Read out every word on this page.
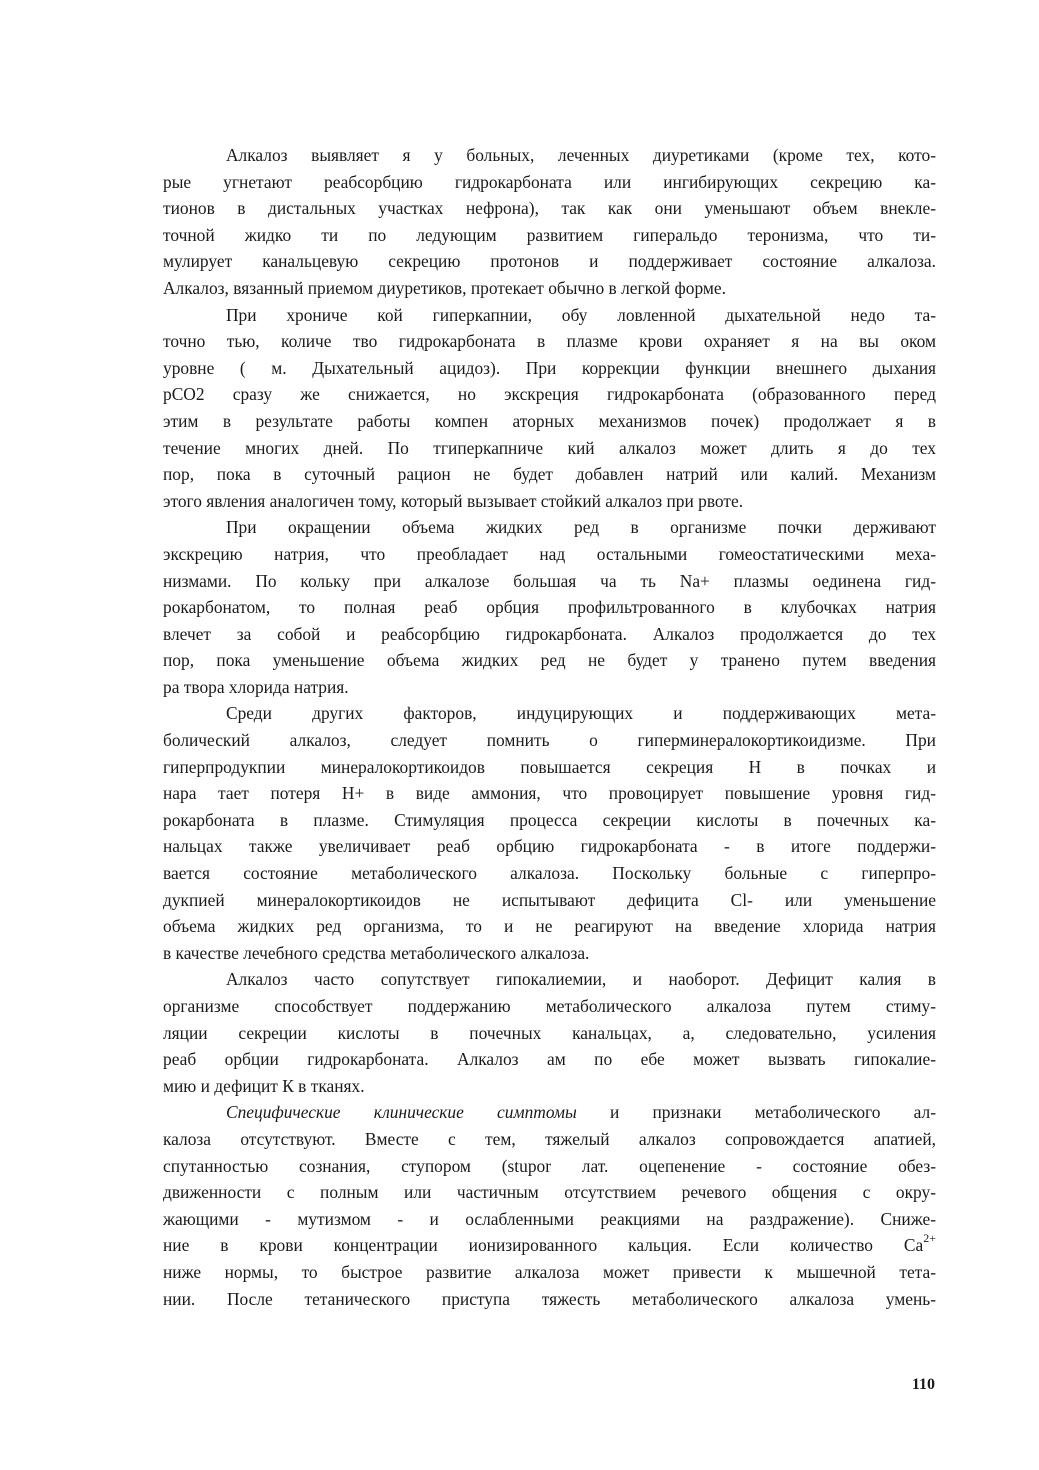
Алкалоз выявляет я у больных, леченных диуретиками (кроме тех, кото-
рые угнетают реабсорбцию гидрокарбоната или ингибирующих секрецию ка-
тионов в дистальных участках нефрона), так как они уменьшают объем внекле-
точной жидко ти по ледующим развитием гиперальдо теронизма, что ти-
мулирует канальцевую секрецию протонов и поддерживает состояние алкалоза.
Алкалоз, вязанный приемом диуретиков, протекает обычно в легкой форме.
При хрониче кой гиперкапнии, обу ловленной дыхательной недо та-
точно тью, количе тво гидрокарбоната в плазме крови охраняет я на вы оком
уровне ( м. Дыхательный ацидоз). При коррекции функции внешнего дыхания
pCO2 сразу же снижается, но экскреция гидрокарбоната (образованного перед
этим в результате работы компен аторных механизмов почек) продолжает я в
течение многих дней. По тгиперкапниче кий алкалоз может длить я до тех
пор, пока в суточный рацион не будет добавлен натрий или калий. Механизм
этого явления аналогичен тому, который вызывает стойкий алкалоз при рвоте.
При окращении объема жидких ред в организме почки держивают
экскрецию натрия, что преобладает над остальными гомеостатическими меха-
низмами. По кольку при алкалозе большая ча ть Na+ плазмы оединена гид-
рокарбонатом, то полная реаб орбция профильтрованного в клубочках натрия
влечет за собой и реабсорбцию гидрокарбоната. Алкалоз продолжается до тех
пор, пока уменьшение объема жидких ред не будет у транено путем введения
ра твора хлорида натрия.
Среди других факторов, индуцирующих и поддерживающих мета-
болический алкалоз, следует помнить о гиперминералокортикоидизме. При
гиперпродукпии минералокортикоидов повышается секреция Н в почках и
нара тает потеря Н+ в виде аммония, что провоцирует повышение уровня гид-
рокарбоната в плазме. Стимуляция процесса секреции кислоты в почечных ка-
нальцах также увеличивает реаб орбцию гидрокарбоната - в итоге поддержи-
вается состояние метаболического алкалоза. Поскольку больные с гиперпро-
дукпией минералокортикоидов не испытывают дефицита Cl- или уменьшение
объема жидких ред организма, то и не реагируют на введение хлорида натрия
в качестве лечебного средства метаболического алкалоза.
Алкалоз часто сопутствует гипокалиемии, и наоборот. Дефицит калия в
организме способствует поддержанию метаболического алкалоза путем стиму-
ляции секреции кислоты в почечных канальцах, а, следовательно, усиления
реаб орбции гидрокарбоната. Алкалоз ам по ебе может вызвать гипокалие-
мию и дефицит К в тканях.
Специфические клинические симптомы и признаки метаболического ал-
калоза отсутствуют. Вместе с тем, тяжелый алкалоз сопровождается апатией,
спутанностью сознания, ступором (stupor лат. оцепенение - состояние обез-
движенности с полным или частичным отсутствием речевого общения с окру-
жающими - мутизмом - и ослабленными реакциями на раздражение). Сниже-
ние в крови концентрации ионизированного кальция. Если количество $Ca^{2+}$
ниже нормы, то быстрое развитие алкалоза может привести к мышечной тета-
нии. После тетанического приступа тяжесть метаболического алкалоза умень-
110
